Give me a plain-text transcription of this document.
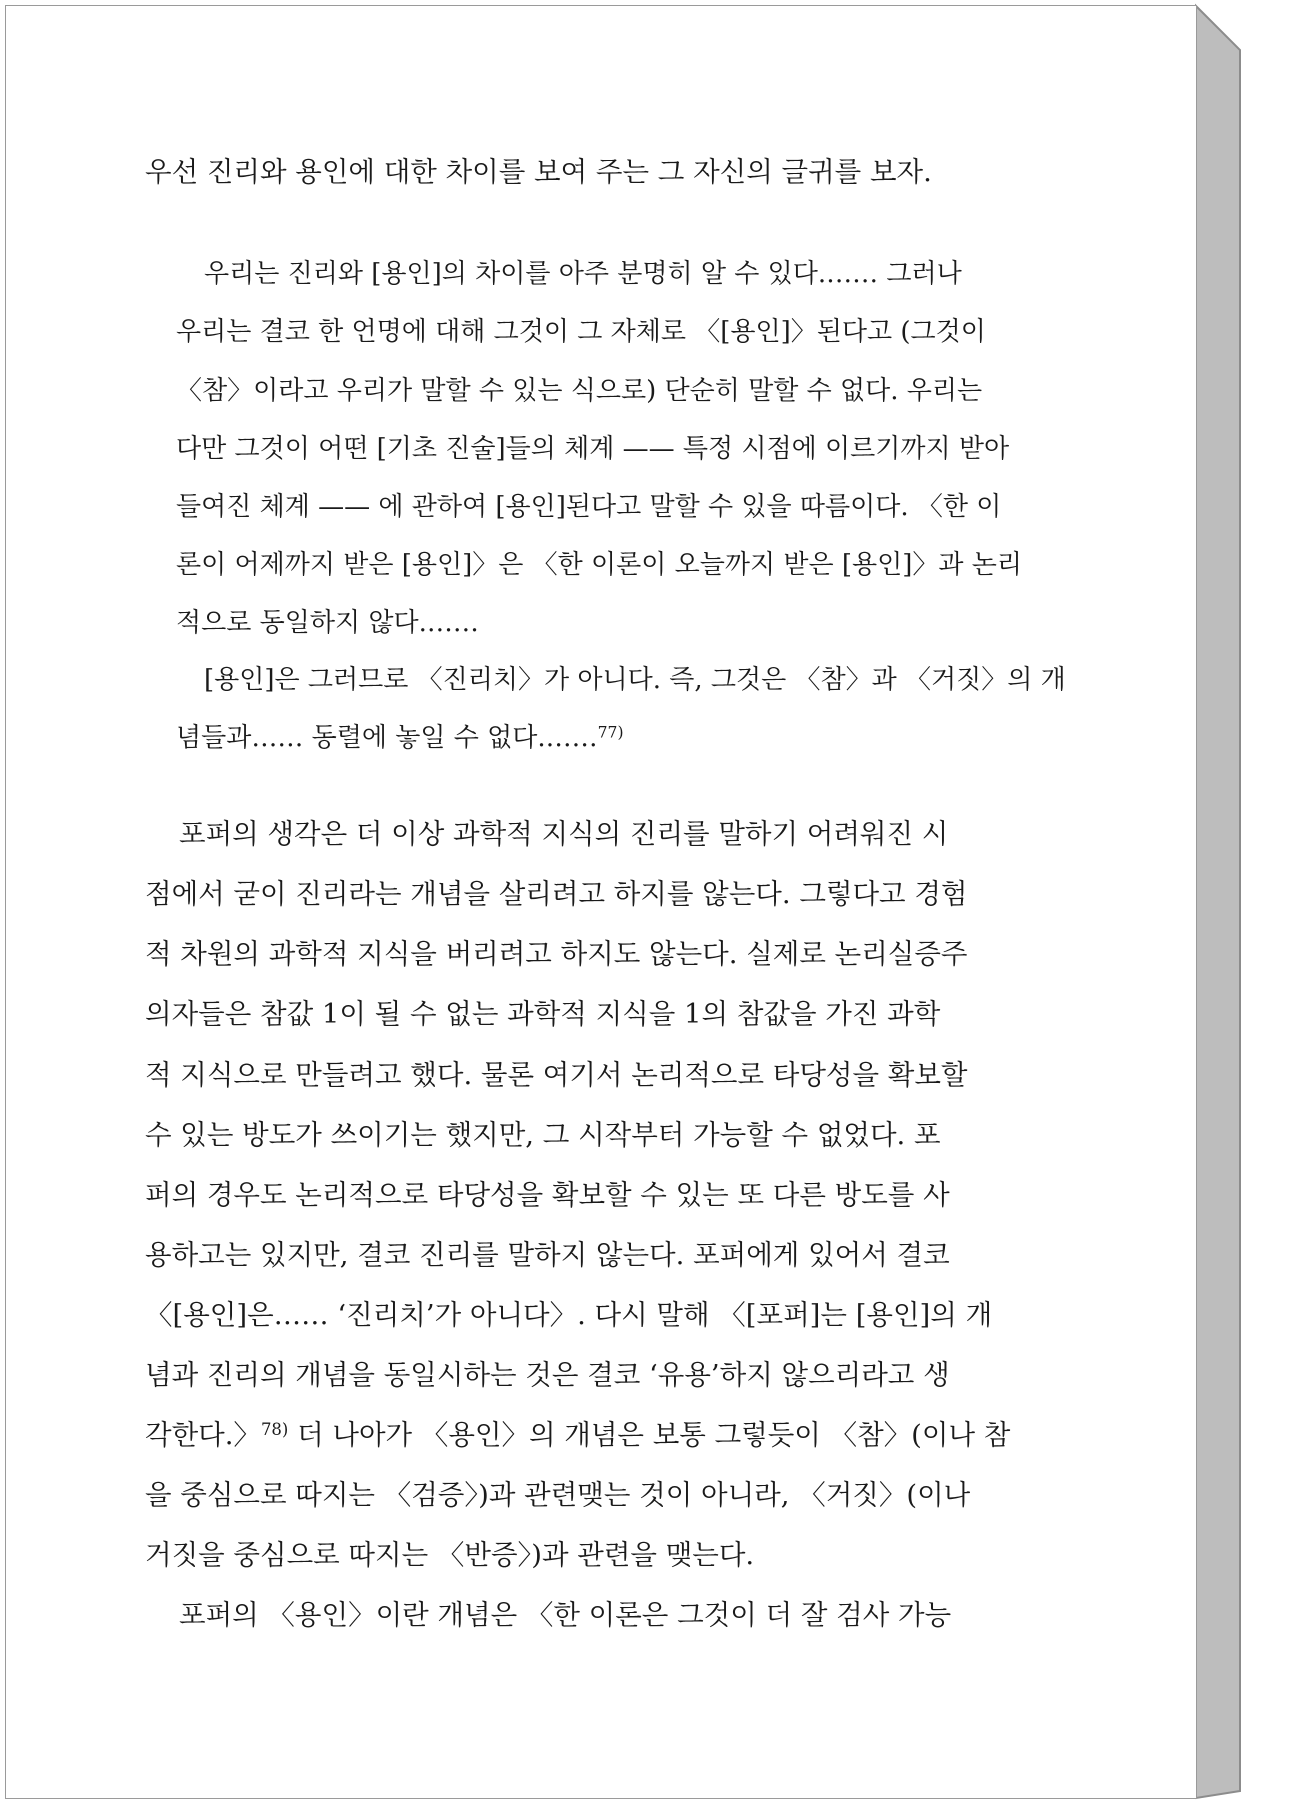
우선 진리와 용인에 대한 차이를 보여 주는 그 자신의 글귀를 보자.
우리는 진리와 [용인]의 차이를 아주 분명히 알 수 있다.…… 그러나
우리는 결코 한 언명에 대해 그것이 그 자체로 〈[용인]〉된다고 (그것이
〈참〉이라고 우리가 말할 수 있는 식으로) 단순히 말할 수 없다. 우리는
다만 그것이 어떤 [기초 진술]들의 체계 —— 특정 시점에 이르기까지 받아
들여진 체계 —— 에 관하여 [용인]된다고 말할 수 있을 따름이다. 〈한 이
론이 어제까지 받은 [용인]〉은 〈한 이론이 오늘까지 받은 [용인]〉과 논리
적으로 동일하지 않다.……
[용인]은 그러므로 〈진리치〉가 아니다. 즉, 그것은 〈참〉과 〈거짓〉의 개
념들과…… 동렬에 놓일 수 없다.……$^{77)}$
포퍼의 생각은 더 이상 과학적 지식의 진리를 말하기 어려워진 시
점에서 굳이 진리라는 개념을 살리려고 하지를 않는다. 그렇다고 경험
적 차원의 과학적 지식을 버리려고 하지도 않는다. 실제로 논리실증주
의자들은 참값 1이 될 수 없는 과학적 지식을 1의 참값을 가진 과학
적 지식으로 만들려고 했다. 물론 여기서 논리적으로 타당성을 확보할
수 있는 방도가 쓰이기는 했지만, 그 시작부터 가능할 수 없었다. 포
퍼의 경우도 논리적으로 타당성을 확보할 수 있는 또 다른 방도를 사
용하고는 있지만, 결코 진리를 말하지 않는다. 포퍼에게 있어서 결코
〈[용인]은…… ‘진리치’가 아니다〉. 다시 말해 〈[포퍼]는 [용인]의 개
념과 진리의 개념을 동일시하는 것은 결코 ‘유용’하지 않으리라고 생
각한다.〉$^{78)}$ 더 나아가 〈용인〉의 개념은 보통 그렇듯이 〈참〉(이나 참
을 중심으로 따지는 〈검증〉)과 관련맺는 것이 아니라, 〈거짓〉(이나
거짓을 중심으로 따지는 〈반증〉)과 관련을 맺는다.
포퍼의 〈용인〉이란 개념은 〈한 이론은 그것이 더 잘 검사 가능
